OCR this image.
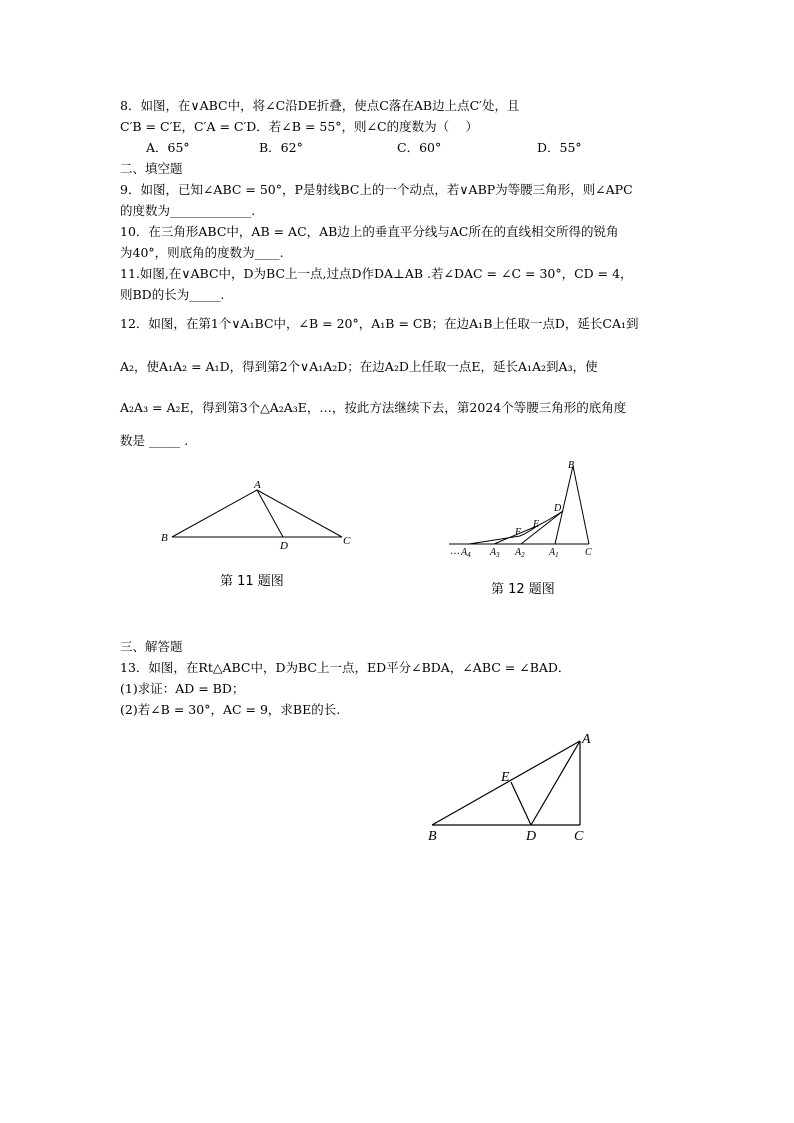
8．如图，在∨ABC中，将∠C沿DE折叠，使点C落在AB边上点C′处，且
C′B = C′E，C′A = C′D．若∠B = 55°，则∠C的度数为（　 ）
A．65°	B．62°	C．60°	D．55°
二、填空题
9．如图，已知∠ABC = 50°，P是射线BC上的一个动点，若∨ABP为等腰三角形，则∠APC
的度数为_____________.
10．在三角形ABC中，AB = AC，AB边上的垂直平分线与AC所在的直线相交所得的锐角
为40°，则底角的度数为____.
11.如图,在∨ABC中，D为BC上一点,过点D作DA⊥AB .若∠DAC = ∠C = 30°，CD = 4，
则BD的长为_____.
12．如图，在第1个∨A₁BC中，∠B = 20°，A₁B = CB；在边A₁B上任取一点D，延长CA₁到
A₂，使A₁A₂ = A₁D，得到第2个∨A₁A₂D；在边A₂D上任取一点E，延长A₁A₂到A₃，使
A₂A₃ = A₂E，得到第3个△A₂A₃E，…，按此方法继续下去，第2024个等腰三角形的底角度
数是 _____ .
A
B	C
D
第 11 题图
B
D
E
F
… $A_4$ $A_3$ $A_2$ $A_1$	C
第 12 题图
三、解答题
13．如图，在Rt△ABC中，D为BC上一点，ED平分∠BDA，∠ABC = ∠BAD．
(1)求证：AD = BD；
(2)若∠B = 30°，AC = 9，求BE的长.
A
E
B	D	C
